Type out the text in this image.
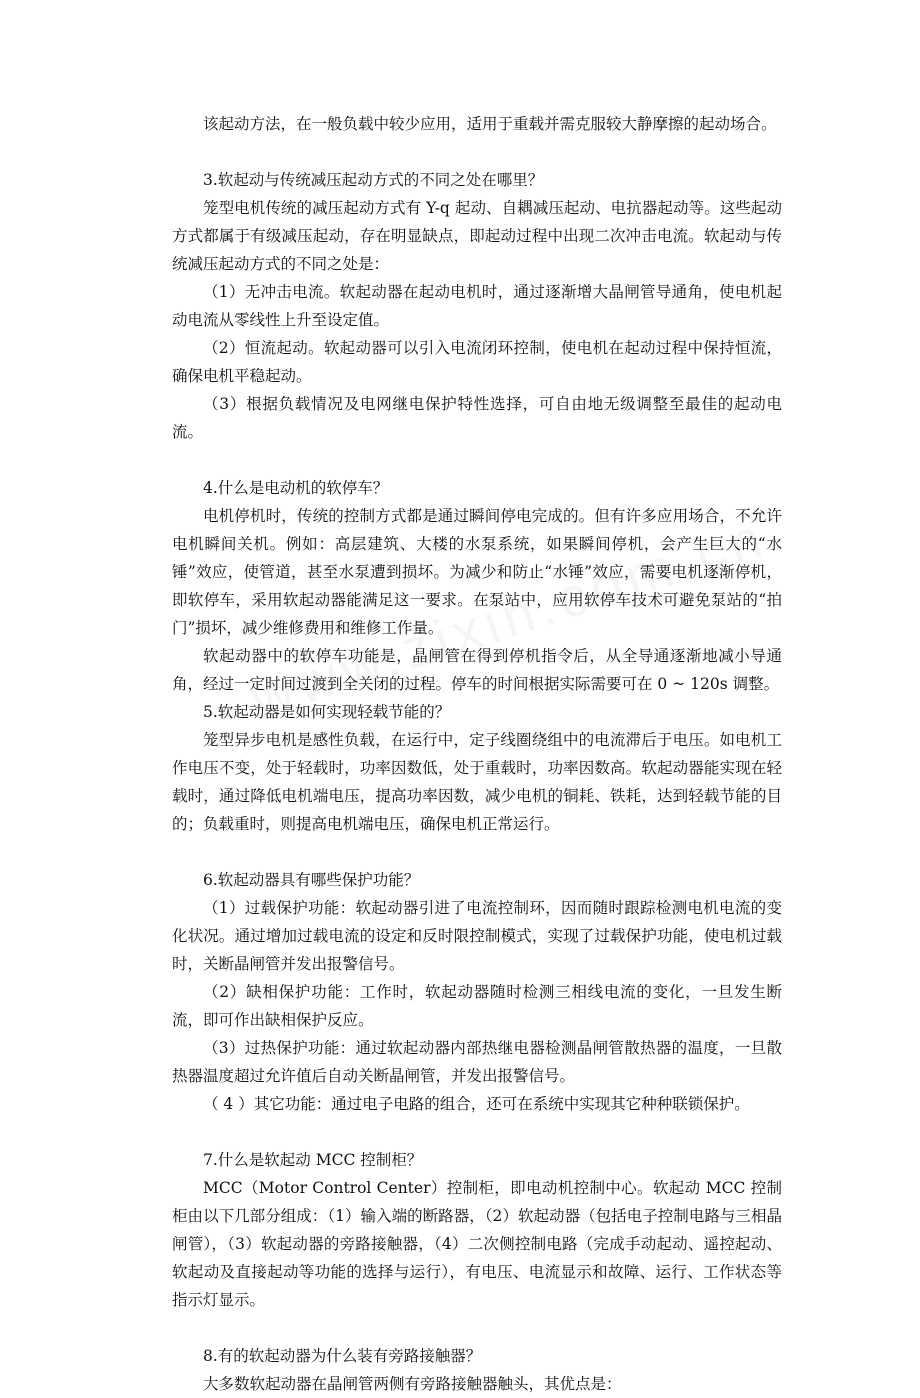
该起动方法，在一般负载中较少应用，适用于重载并需克服较大静摩擦的起动场合。

3.软起动与传统减压起动方式的不同之处在哪里？

笼型电机传统的减压起动方式有 Y-q 起动、自耦减压起动、电抗器起动等。这些起动方式都属于有级减压起动，存在明显缺点，即起动过程中出现二次冲击电流。软起动与传统减压起动方式的不同之处是：

（1）无冲击电流。软起动器在起动电机时，通过逐渐增大晶闸管导通角，使电机起动电流从零线性上升至设定值。

（2）恒流起动。软起动器可以引入电流闭环控制，使电机在起动过程中保持恒流，确保电机平稳起动。

（3）根据负载情况及电网继电保护特性选择，可自由地无级调整至最佳的起动电流。

4.什么是电动机的软停车？

电机停机时，传统的控制方式都是通过瞬间停电完成的。但有许多应用场合，不允许电机瞬间关机。例如：高层建筑、大楼的水泵系统，如果瞬间停机，会产生巨大的“水锤”效应，使管道，甚至水泵遭到损坏。为减少和防止“水锤”效应，需要电机逐渐停机，即软停车，采用软起动器能满足这一要求。在泵站中，应用软停车技术可避免泵站的“拍门”损坏，减少维修费用和维修工作量。

软起动器中的软停车功能是，晶闸管在得到停机指令后，从全导通逐渐地减小导通角，经过一定时间过渡到全关闭的过程。停车的时间根据实际需要可在 0 ~ 120s 调整。

5.软起动器是如何实现轻载节能的？

笼型异步电机是感性负载，在运行中，定子线圈绕组中的电流滞后于电压。如电机工作电压不变，处于轻载时，功率因数低，处于重载时，功率因数高。软起动器能实现在轻载时，通过降低电机端电压，提高功率因数，减少电机的铜耗、铁耗，达到轻载节能的目的；负载重时，则提高电机端电压，确保电机正常运行。

6.软起动器具有哪些保护功能？

（1）过载保护功能：软起动器引进了电流控制环，因而随时跟踪检测电机电流的变化状况。通过增加过载电流的设定和反时限控制模式，实现了过载保护功能，使电机过载时，关断晶闸管并发出报警信号。

（2）缺相保护功能：工作时，软起动器随时检测三相线电流的变化，一旦发生断流，即可作出缺相保护反应。

（3）过热保护功能：通过软起动器内部热继电器检测晶闸管散热器的温度，一旦散热器温度超过允许值后自动关断晶闸管，并发出报警信号。

（ 4 ）其它功能：通过电子电路的组合，还可在系统中实现其它种种联锁保护。

7.什么是软起动 MCC 控制柜？

MCC（Motor Control Center）控制柜，即电动机控制中心。软起动 MCC 控制柜由以下几部分组成：（1）输入端的断路器，（2）软起动器（包括电子控制电路与三相晶闸管），（3）软起动器的旁路接触器，（4）二次侧控制电路（完成手动起动、遥控起动、软起动及直接起动等功能的选择与运行），有电压、电流显示和故障、运行、工作状态等指示灯显示。

8.有的软起动器为什么装有旁路接触器？

大多数软起动器在晶闸管两侧有旁路接触器触头，其优点是：
